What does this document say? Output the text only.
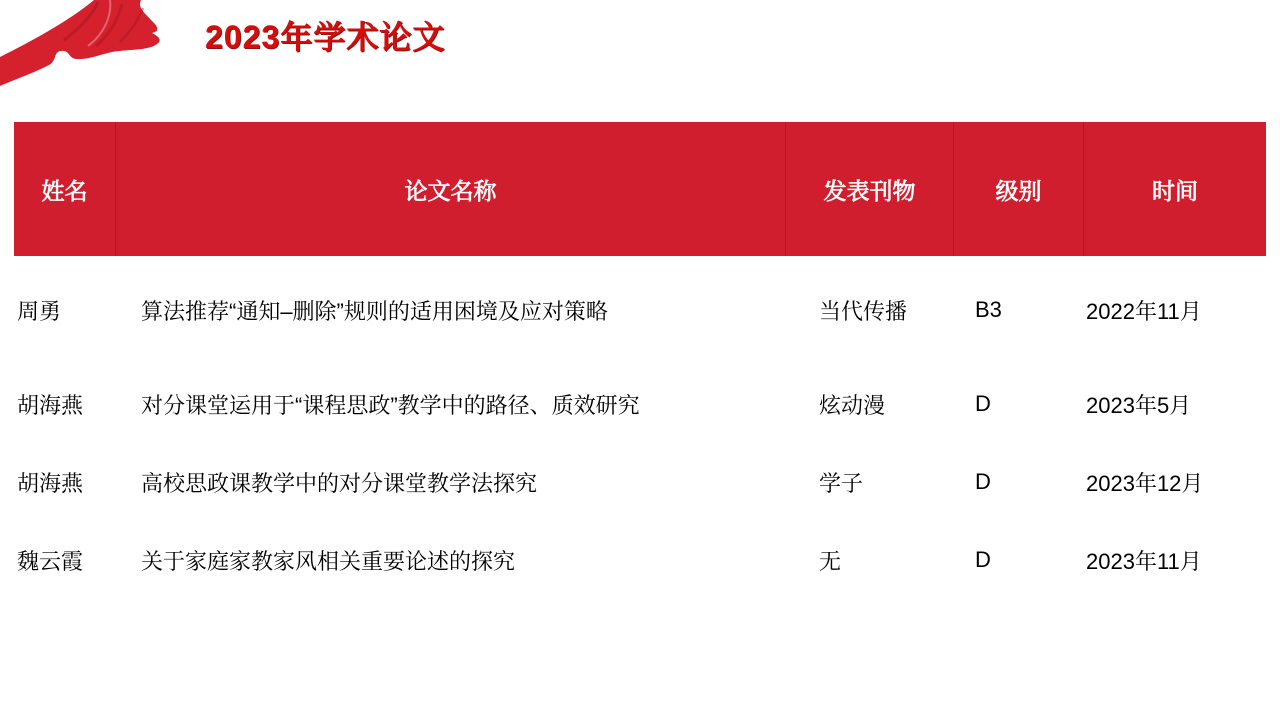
2023年学术论文
姓名	论文名称	发表刊物	级别	时间
周勇	算法推荐“通知–删除”规则的适用困境及应对策略	当代传播	B3	2022年11月
胡海燕	对分课堂运用于“课程思政”教学中的路径、质效研究	炫动漫	D	2023年5月
胡海燕	高校思政课教学中的对分课堂教学法探究	学子	D	2023年12月
魏云霞	关于家庭家教家风相关重要论述的探究	无	D	2023年11月
